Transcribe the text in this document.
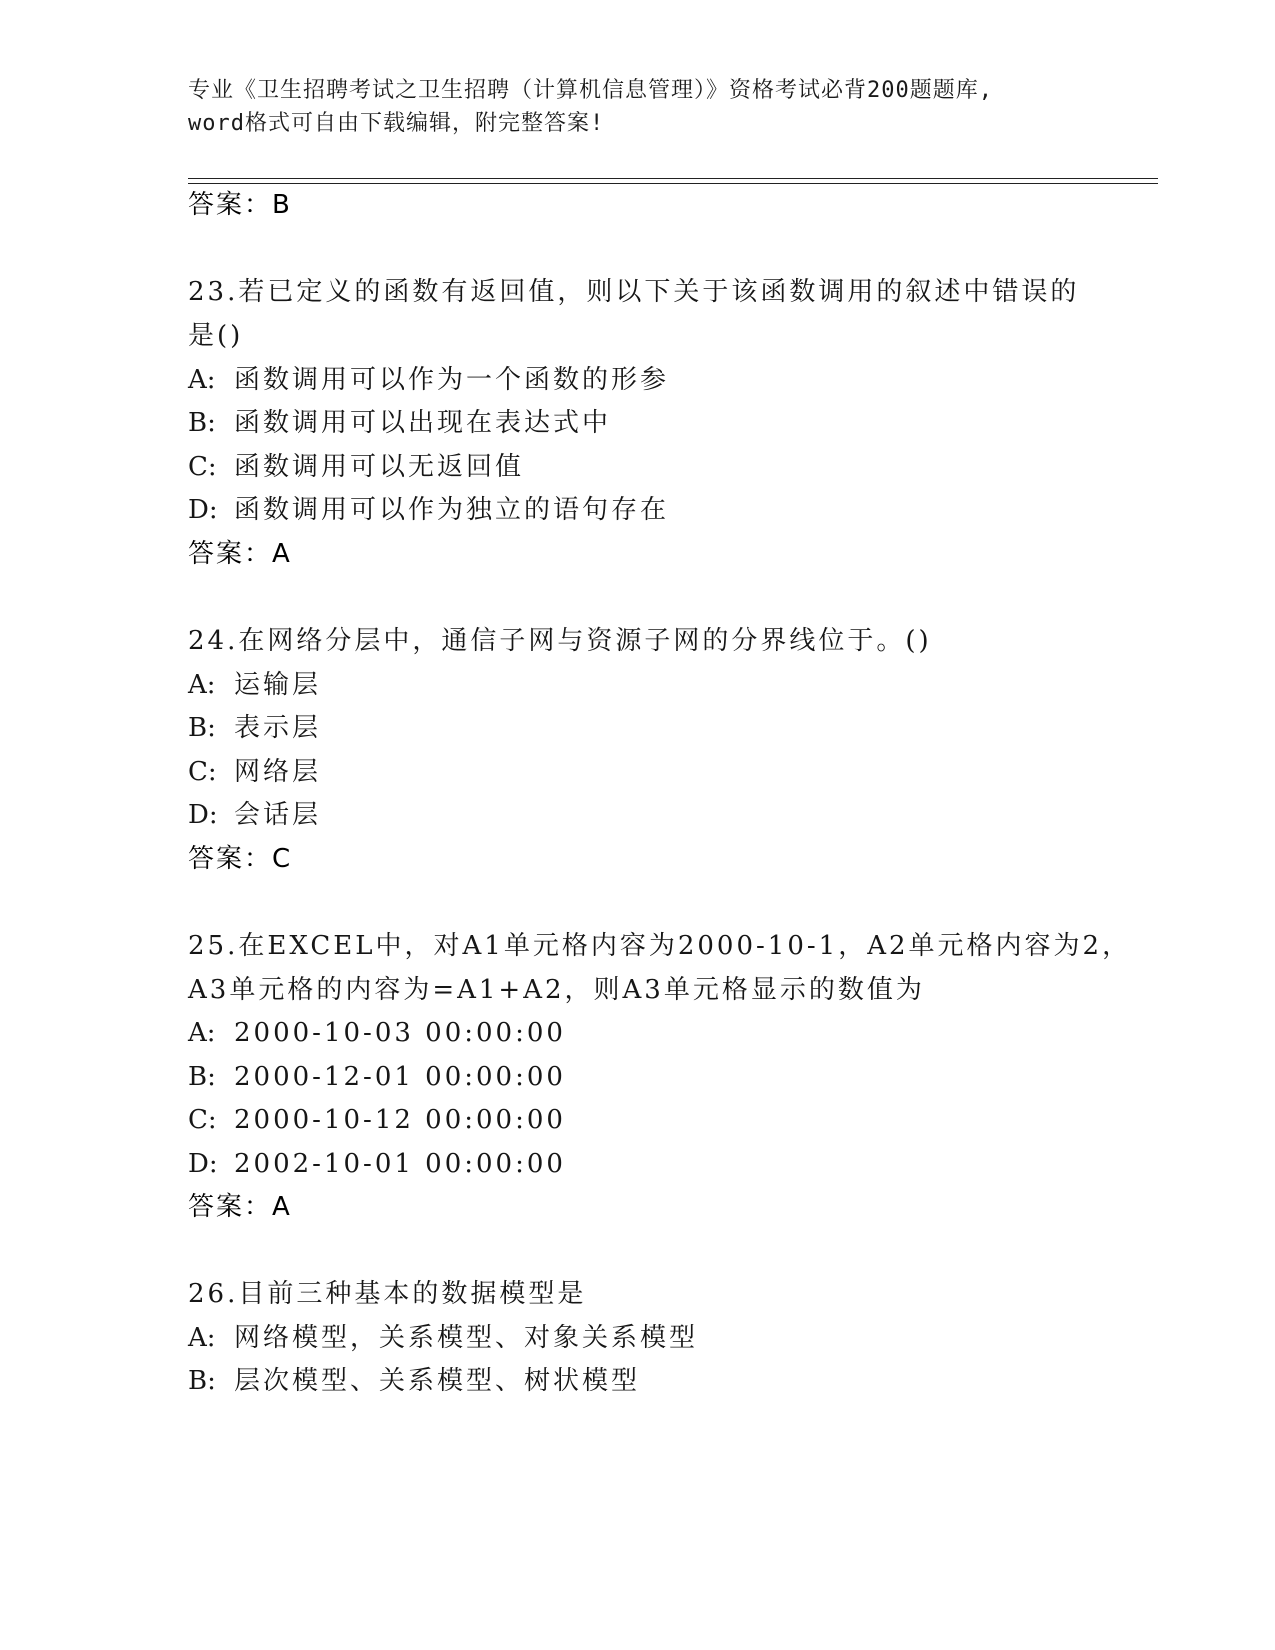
专业《卫生招聘考试之卫生招聘（计算机信息管理）》资格考试必背200题题库,
word格式可自由下载编辑，附完整答案!
答案：B
23.若已定义的函数有返回值，则以下关于该函数调用的叙述中错误的
是()
A: 函数调用可以作为一个函数的形参
B: 函数调用可以出现在表达式中
C: 函数调用可以无返回值
D: 函数调用可以作为独立的语句存在
答案：A
24.在网络分层中，通信子网与资源子网的分界线位于。()
A: 运输层
B: 表示层
C: 网络层
D: 会话层
答案：C
25.在EXCEL中，对A1单元格内容为2000-10-1，A2单元格内容为2，
A3单元格的内容为=A1+A2，则A3单元格显示的数值为
A: 2000-10-03 00:00:00
B: 2000-12-01 00:00:00
C: 2000-10-12 00:00:00
D: 2002-10-01 00:00:00
答案：A
26.目前三种基本的数据模型是
A: 网络模型，关系模型、对象关系模型
B: 层次模型、关系模型、树状模型
